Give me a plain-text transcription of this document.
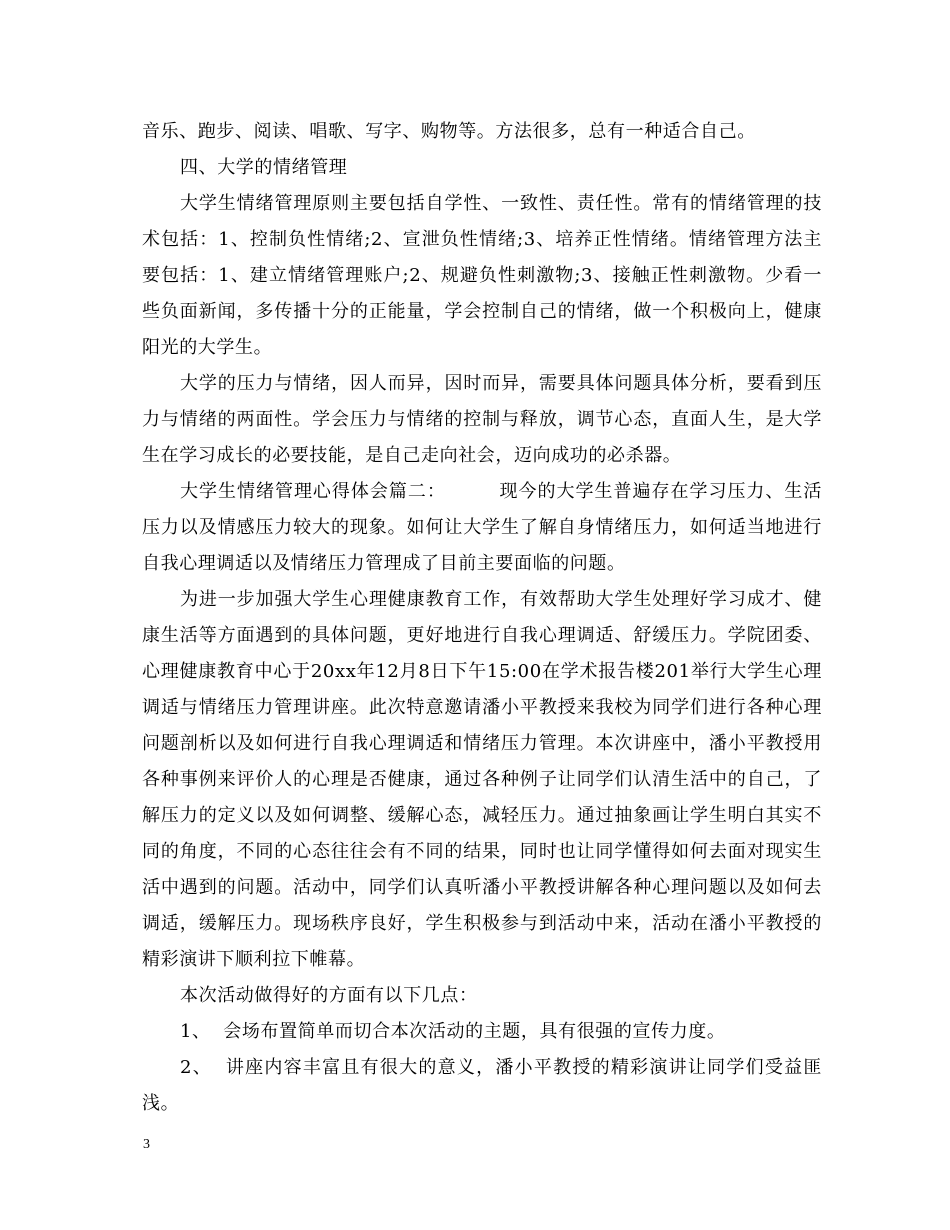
音乐、跑步、阅读、唱歌、写字、购物等。方法很多，总有一种适合自己。

四、大学的情绪管理

大学生情绪管理原则主要包括自学性、一致性、责任性。常有的情绪管理的技术包括：1、控制负性情绪;2、宣泄负性情绪;3、培养正性情绪。情绪管理方法主要包括：1、建立情绪管理账户;2、规避负性刺激物;3、接触正性刺激物。少看一些负面新闻，多传播十分的正能量，学会控制自己的情绪，做一个积极向上，健康阳光的大学生。

大学的压力与情绪，因人而异，因时而异，需要具体问题具体分析，要看到压力与情绪的两面性。学会压力与情绪的控制与释放，调节心态，直面人生，是大学生在学习成长的必要技能，是自己走向社会，迈向成功的必杀器。

大学生情绪管理心得体会篇二：        现今的大学生普遍存在学习压力、生活压力以及情感压力较大的现象。如何让大学生了解自身情绪压力，如何适当地进行自我心理调适以及情绪压力管理成了目前主要面临的问题。

为进一步加强大学生心理健康教育工作，有效帮助大学生处理好学习成才、健康生活等方面遇到的具体问题，更好地进行自我心理调适、舒缓压力。学院团委、心理健康教育中心于20xx年12月8日下午15:00在学术报告楼201举行大学生心理调适与情绪压力管理讲座。此次特意邀请潘小平教授来我校为同学们进行各种心理问题剖析以及如何进行自我心理调适和情绪压力管理。本次讲座中，潘小平教授用各种事例来评价人的心理是否健康，通过各种例子让同学们认清生活中的自己，了解压力的定义以及如何调整、缓解心态，减轻压力。通过抽象画让学生明白其实不同的角度，不同的心态往往会有不同的结果，同时也让同学懂得如何去面对现实生活中遇到的问题。活动中，同学们认真听潘小平教授讲解各种心理问题以及如何去调适，缓解压力。现场秩序良好，学生积极参与到活动中来，活动在潘小平教授的精彩演讲下顺利拉下帷幕。

本次活动做得好的方面有以下几点：

1、  会场布置简单而切合本次活动的主题，具有很强的宣传力度。

2、  讲座内容丰富且有很大的意义，潘小平教授的精彩演讲让同学们受益匪浅。

3
